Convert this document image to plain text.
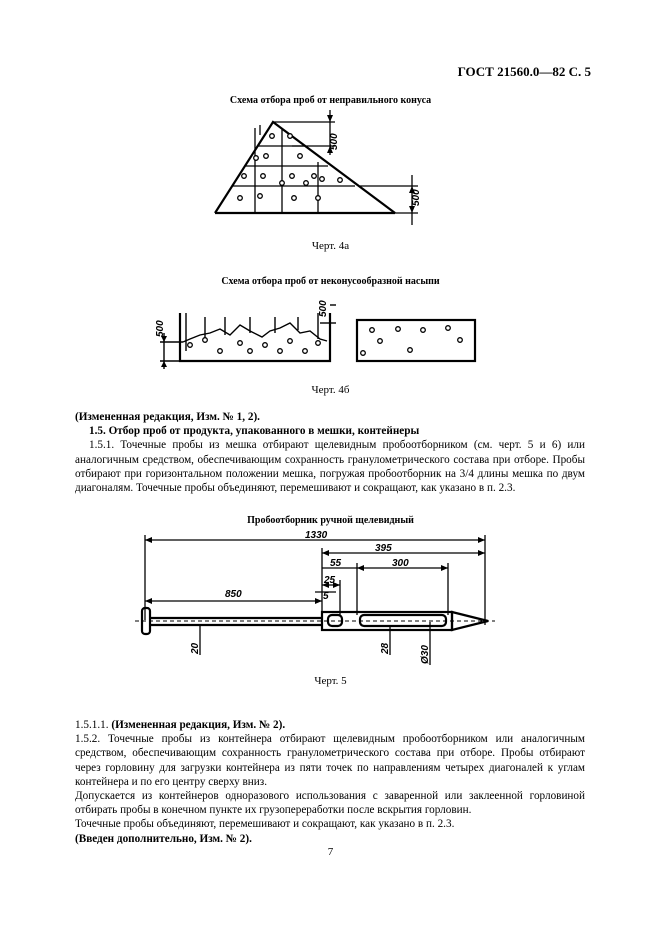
ГОСТ 21560.0—82 С. 5
Схема отбора проб от неправильного конуса
500
500
Черт. 4а
Схема отбора проб от неконусообразной насыпи
500
500
Черт. 4б

(Измененная редакция, Изм. № 1, 2).

1.5. Отбор проб от продукта, упакованного в мешки, контейнеры

1.5.1. Точечные пробы из мешка отбирают щелевидным пробоотборником (см. черт. 5 и 6) или аналогичным средством, обеспечивающим сохранность гранулометрического состава при отборе. Пробы отбирают при горизонтальном положении мешка, погружая пробоотборник на 3/4 длины мешка по двум диагоналям. Точечные пробы объединяют, перемешивают и сокращают, как указано в п. 2.3.

Пробоотборник ручной щелевидный
850
1330
395
55	300
25
5
20	28	Ø30
Черт. 5

1.5.1.1. (Измененная редакция, Изм. № 2).

1.5.2. Точечные пробы из контейнера отбирают щелевидным пробоотборником или аналогичным средством, обеспечивающим сохранность гранулометрического состава при отборе. Пробы отбирают через горловину для загрузки контейнера из пяти точек по направлениям четырех диагоналей к углам контейнера и по его центру сверху вниз.

Допускается из контейнеров одноразового использования с заваренной или заклеенной горловиной отбирать пробы в конечном пункте их грузопереработки после вскрытия горловин.

Точечные пробы объединяют, перемешивают и сокращают, как указано в п. 2.3.

(Введен дополнительно, Изм. № 2).

7
